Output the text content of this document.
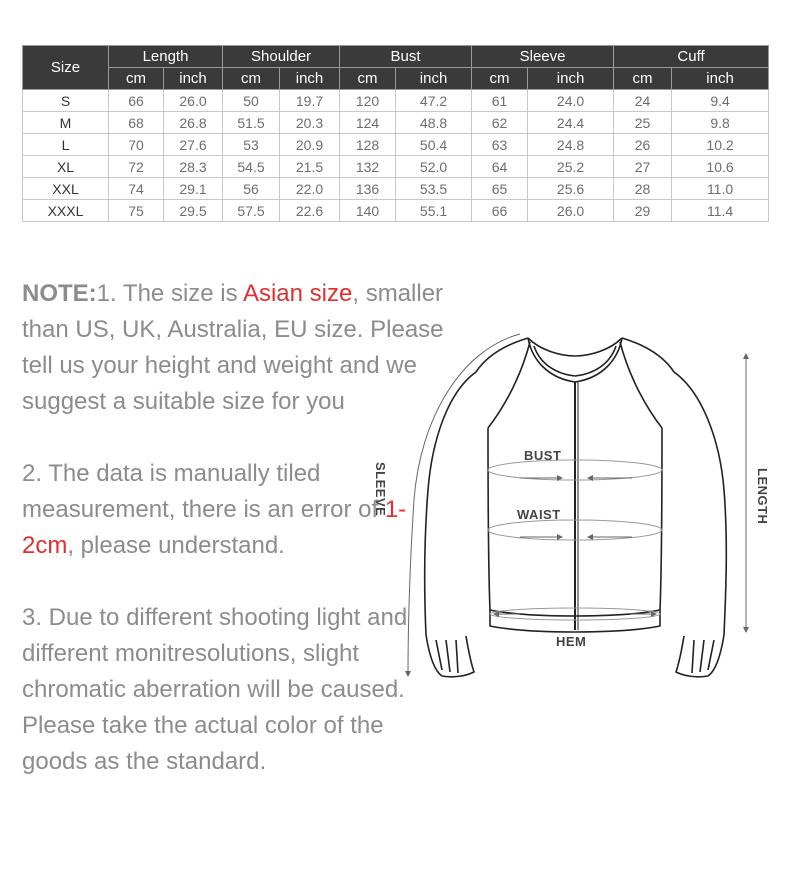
Size	Length		Shoulder		Bust		Sleeve		Cuff	
	cm	inch	cm	inch	cm	inch	cm	inch	cm	inch
S	66	26.0	50	19.7	120	47.2	61	24.0	24	9.4
M	68	26.8	51.5	20.3	124	48.8	62	24.4	25	9.8
L	70	27.6	53	20.9	128	50.4	63	24.8	26	10.2
XL	72	28.3	54.5	21.5	132	52.0	64	25.2	27	10.6
XXL	74	29.1	56	22.0	136	53.5	65	25.6	28	11.0
XXXL	75	29.5	57.5	22.6	140	55.1	66	26.0	29	11.4

NOTE:1. The size is Asian size, smaller than US, UK, Australia, EU size. Please tell us your height and weight and we suggest a suitable size for you

2. The data is manually tiled measurement, there is an error of 1-2cm, please understand.

3. Due to different shooting light and different monitresolutions, slight chromatic aberration will be caused. Please take the actual color of the goods as the standard.

BUST
WAIST
HEM
SLEEVE	LENGTH
